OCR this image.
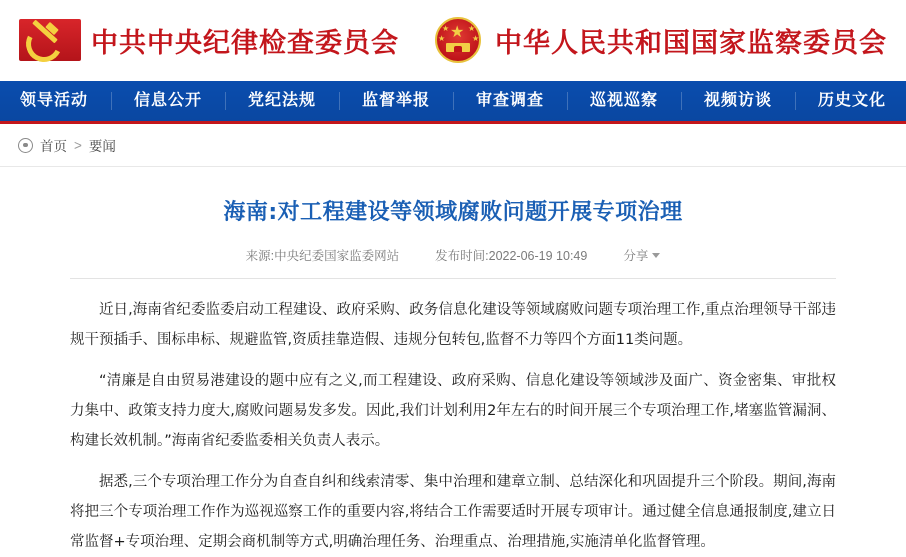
中共中央纪律检查委员会	★
★
★
★
★ 中华人民共和国国家监察委员会
领导活动	信息公开	党纪法规	监督举报	审查调查	巡视巡察	视频访谈	历史文化
首页 > 要闻
海南:对工程建设等领域腐败问题开展专项治理
来源:中央纪委国家监委网站	发布时间:2022-06-19 10:49	分享

近日,海南省纪委监委启动工程建设、政府采购、政务信息化建设等领域腐败问题专项治理工作,重点治理领导干部违规干预插手、围标串标、规避监管,资质挂靠造假、违规分包转包,监督不力等四个方面11类问题。

“清廉是自由贸易港建设的题中应有之义,而工程建设、政府采购、信息化建设等领域涉及面广、资金密集、审批权力集中、政策支持力度大,腐败问题易发多发。因此,我们计划利用2年左右的时间开展三个专项治理工作,堵塞监管漏洞、构建长效机制。”海南省纪委监委相关负责人表示。

据悉,三个专项治理工作分为自查自纠和线索清零、集中治理和建章立制、总结深化和巩固提升三个阶段。期间,海南将把三个专项治理工作作为巡视巡察工作的重要内容,将结合工作需要适时开展专项审计。通过健全信息通报制度,建立日常监督+专项治理、定期会商机制等方式,明确治理任务、治理重点、治理措施,实施清单化监督管理。
